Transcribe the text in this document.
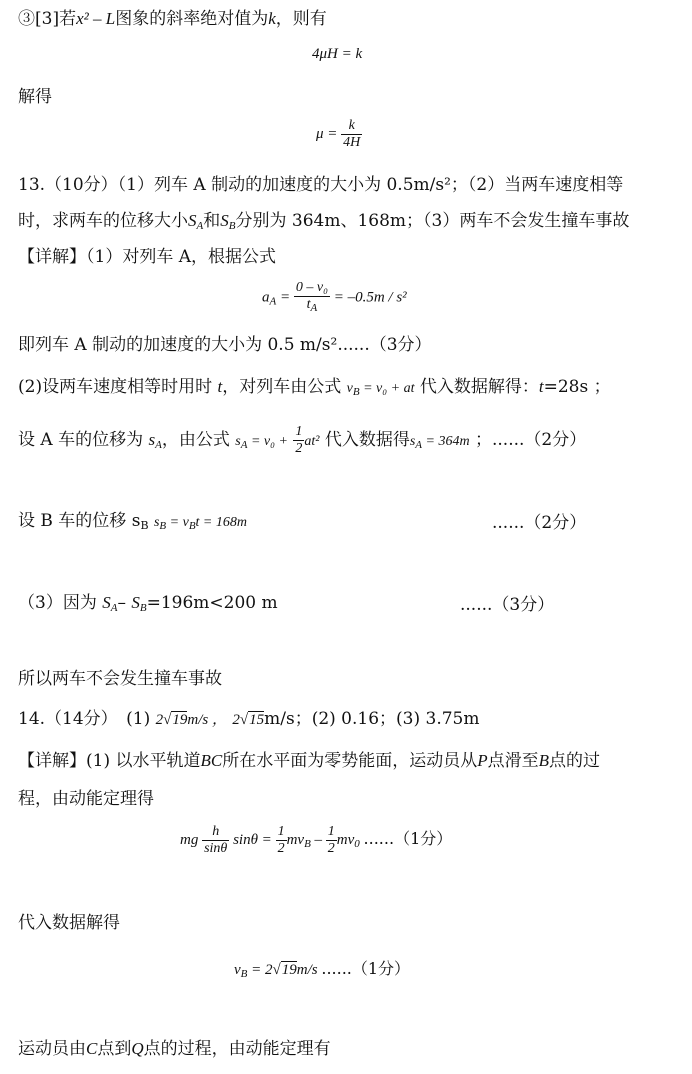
③[3]若x² – L图象的斜率绝对值为k，则有
4μH = k
解得
$\mu = \frac{k}{4H}$
13.（10分）（1）列车 A 制动的加速度的大小为 0.5m/s²；（2）当两车速度相等
时，求两车的位移大小$S_A$和$S_B$分别为 364m、168m；（3）两车不会发生撞车事故
【详解】（1）对列车 A，根据公式
$a_A = \frac{\text{0 – v₀}}{t_A} = -0.5m / s^2$
即列车 A 制动的加速度的大小为 0.5 m/s²......（3分）
(2)设两车速度相等时用时 t，对列车由公式 $v_B = v_0$ + at 代入数据解得：t=28s ；
设 A 车的位移为 $s_A$，由公式 $s_A = v_0 + \frac{1}{2} at^2$ 代入数据得$s_A = 364m$ ；......（2分）
设 B 车的位移 $s_B$ $s_B = v_Bt = 168m$	......（2分）
（3）因为 $S_A-$ $S_B=196m<200$ m	......（3分）
所以两车不会发生撞车事故
14.（14分）　(1) 2√19m/s ， 2√15m/s；(2) 0.16；(3) 3.75m
【详解】(1) 以水平轨道BC所在水平面为零势能面，运动员从P点滑至B点的过
程，由动能定理得
mg $\frac{h}{\sin\theta}$ $\sin\theta = \frac{1}{2} mv_B - \frac{1}{2} mv_0$ ......（1分）
代入数据解得
$v_B = 2√19m/s$ ......（1分）
运动员由C点到Q点的过程，由动能定理有
